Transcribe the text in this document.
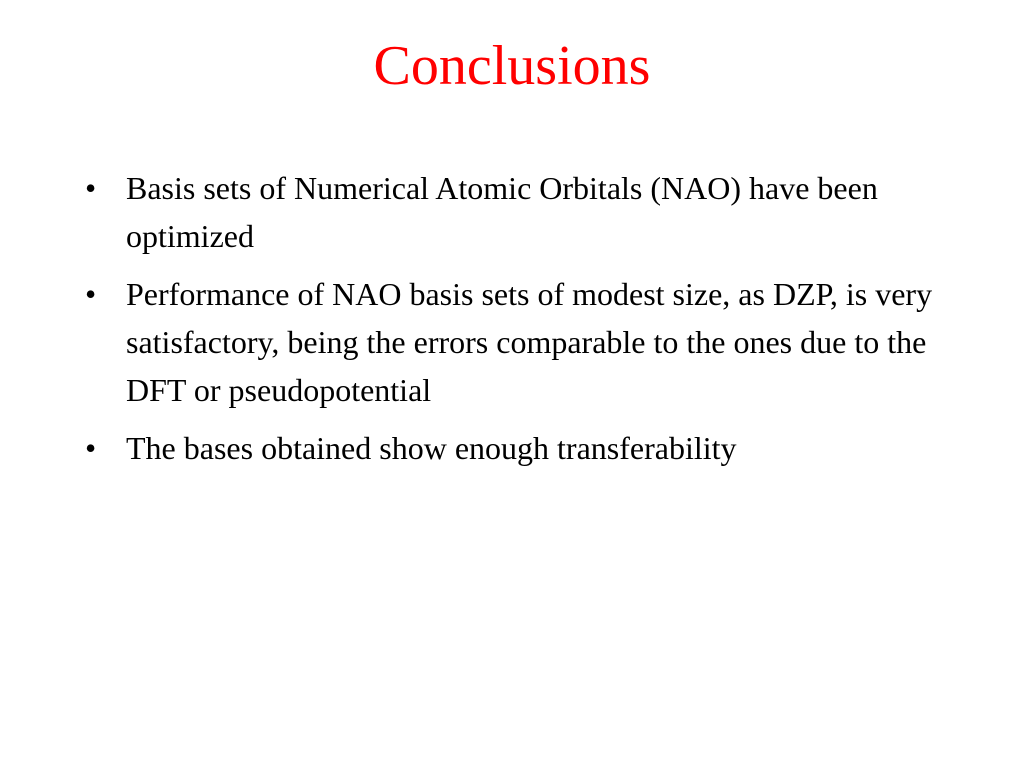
Conclusions
• Basis sets of Numerical Atomic Orbitals (NAO) have been optimized
• Performance of NAO basis sets of modest size, as DZP, is very satisfactory, being the errors comparable to the ones due to the DFT or pseudopotential
• The bases obtained show enough transferability
